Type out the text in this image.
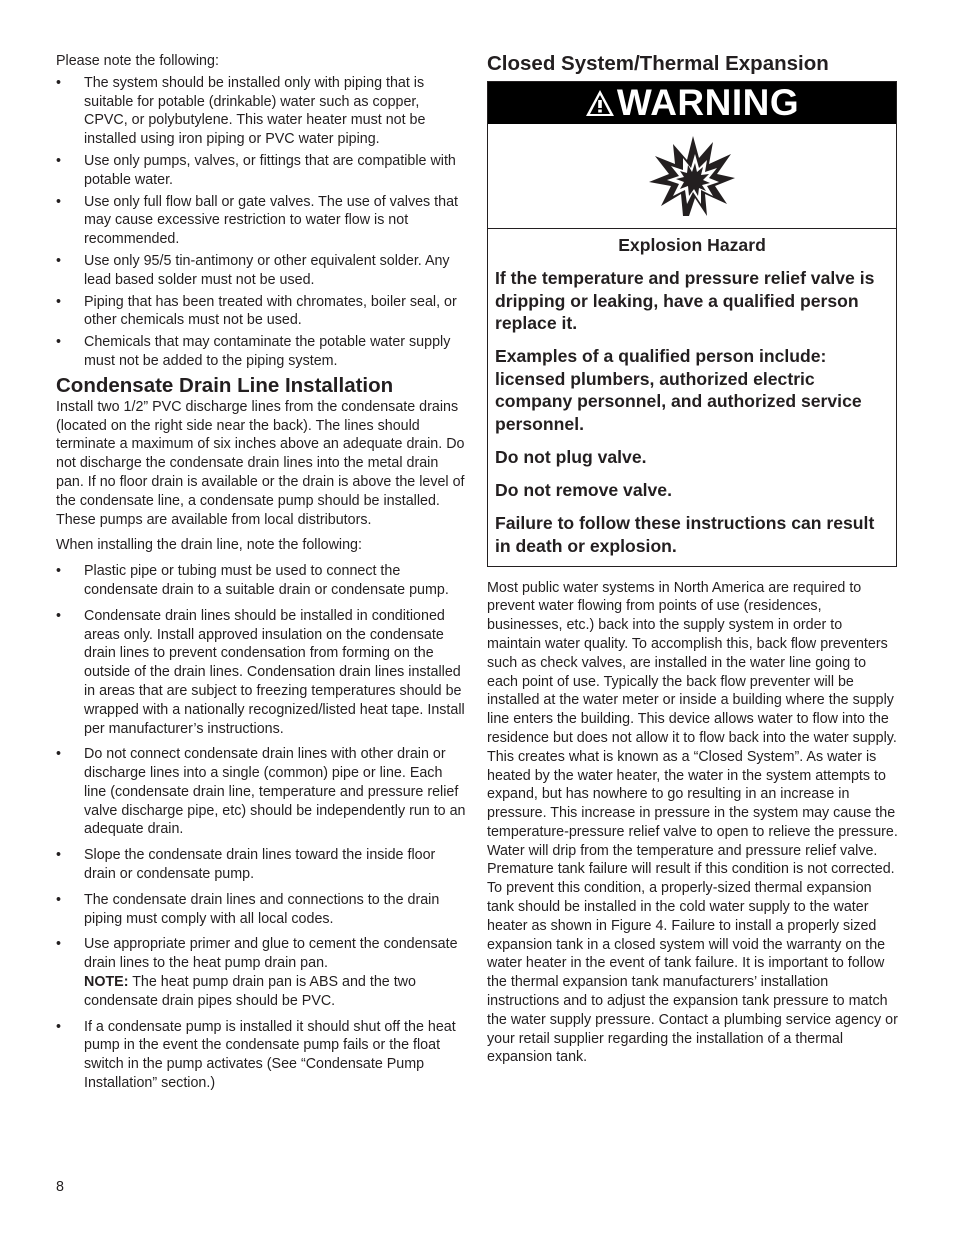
Please note the following:

• The system should be installed only with piping that is suitable for potable (drinkable) water such as copper, CPVC, or polybutylene. This water heater must not be installed using iron piping or PVC water piping.
• Use only pumps, valves, or fittings that are compatible with potable water.
• Use only full flow ball or gate valves. The use of valves that may cause excessive restriction to water flow is not recommended.
• Use only 95/5 tin-antimony or other equivalent solder. Any lead based solder must not be used.
• Piping that has been treated with chromates, boiler seal, or other chemicals must not be used.
• Chemicals that may contaminate the potable water supply must not be added to the piping system.
Condensate Drain Line Installation

Install two 1/2” PVC discharge lines from the condensate drains (located on the right side near the back). The lines should terminate a maximum of six inches above an adequate drain. Do not discharge the condensate drain lines into the metal drain pan. If no floor drain is available or the drain is above the level of the condensate line, a condensate pump should be installed. These pumps are available from local distributors.

When installing the drain line, note the following:

• Plastic pipe or tubing must be used to connect the condensate drain to a suitable drain or condensate pump.
• Condensate drain lines should be installed in conditioned areas only. Install approved insulation on the condensate drain lines to prevent condensation from forming on the outside of the drain lines. Condensation drain lines installed in areas that are subject to freezing temperatures should be wrapped with a nationally recognized/listed heat tape. Install per manufacturer’s instructions.
• Do not connect condensate drain lines with other drain or discharge lines into a single (common) pipe or line. Each line (condensate drain line, temperature and pressure relief valve discharge pipe, etc) should be independently run to an adequate drain.
• Slope the condensate drain lines toward the inside floor drain or condensate pump.
• The condensate drain lines and connections to the drain piping must comply with all local codes.
• Use appropriate primer and glue to cement the condensate drain lines to the heat pump drain pan.
NOTE: The heat pump drain pan is ABS and the two condensate drain pipes should be PVC.
• If a condensate pump is installed it should shut off the heat pump in the event the condensate pump fails or the float switch in the pump activates (See “Condensate Pump Installation” section.)
Closed System/Thermal Expansion
WARNING

Explosion Hazard

If the temperature and pressure relief valve is dripping or leaking, have a qualified person replace it.

Examples of a qualified person include: licensed plumbers, authorized electric company personnel, and authorized service personnel.

Do not plug valve.

Do not remove valve.

Failure to follow these instructions can result in death or explosion.

Most public water systems in North America are required to prevent water flowing from points of use (residences, businesses, etc.) back into the supply system in order to maintain water quality. To accomplish this, back flow preventers such as check valves, are installed in the water line going to each point of use. Typically the back flow preventer will be installed at the water meter or inside a building where the supply line enters the building. This device allows water to flow into the residence but does not allow it to flow back into the water supply. This creates what is known as a “Closed System”. As water is heated by the water heater, the water in the system attempts to expand, but has nowhere to go resulting in an increase in pressure. This increase in pressure in the system may cause the temperature-pressure relief valve to open to relieve the pressure. Water will drip from the temperature and pressure relief valve. Premature tank failure will result if this condition is not corrected. To prevent this condition, a properly-sized thermal expansion tank should be installed in the cold water supply to the water heater as shown in Figure 4. Failure to install a properly sized expansion tank in a closed system will void the warranty on the water heater in the event of tank failure. It is important to follow the thermal expansion tank manufacturers’ installation instructions and to adjust the expansion tank pressure to match the water supply pressure. Contact a plumbing service agency or your retail supplier regarding the installation of a thermal expansion tank.

8
